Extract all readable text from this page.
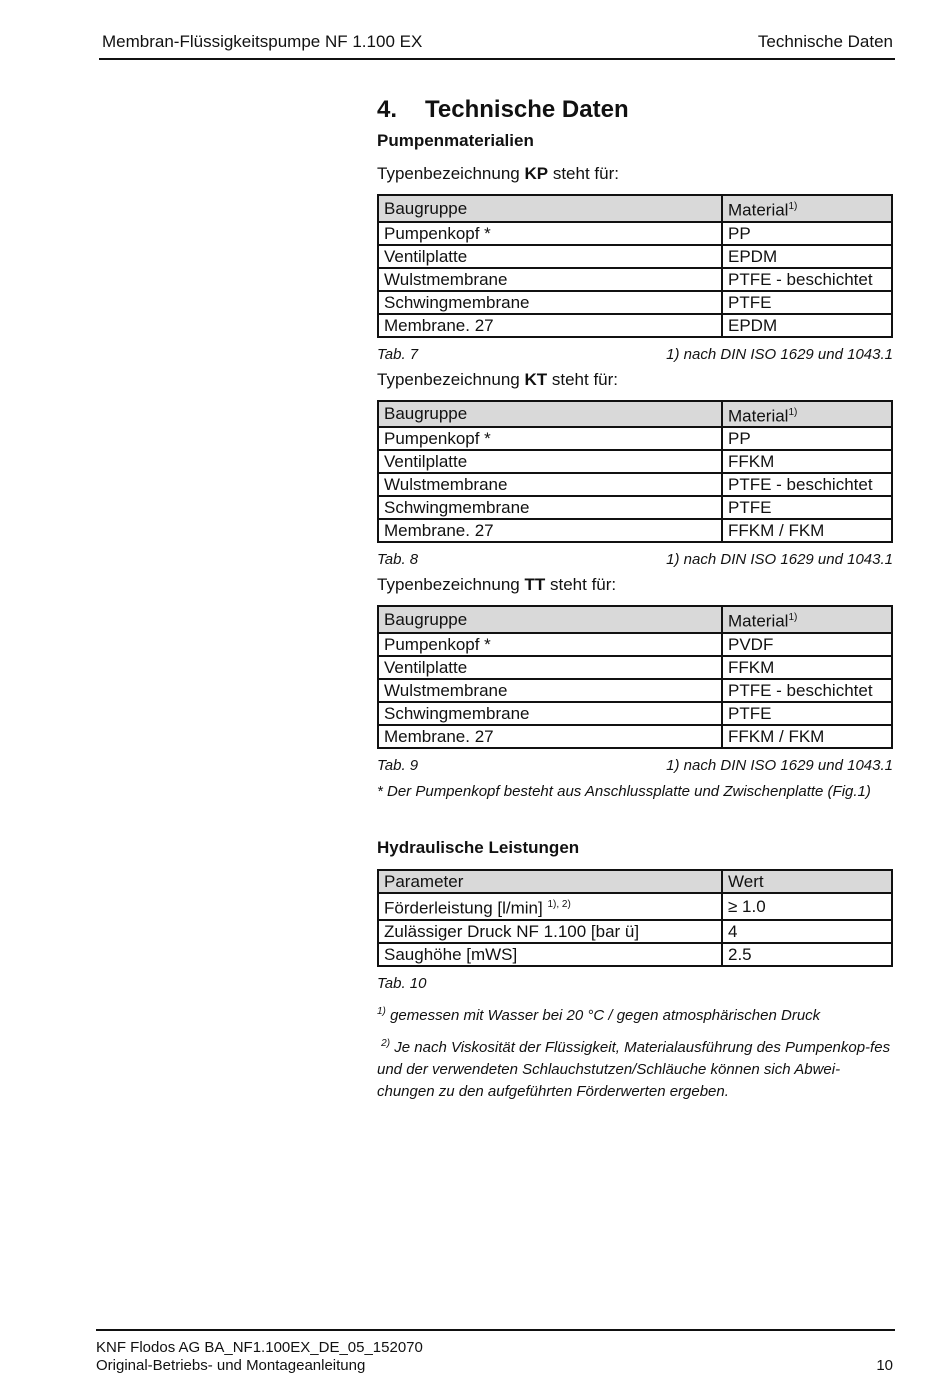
Membran-Flüssigkeitspumpe NF 1.100 EX	Technische Daten
4. Technische Daten
Pumpenmaterialien
Typenbezeichnung KP steht für:
Baugruppe	Material$^{1)}$
Pumpenkopf *	PP
Ventilplatte	EPDM
Wulstmembrane	PTFE - beschichtet
Schwingmembrane	PTFE
Membrane. 27	EPDM
Tab. 7	1) nach DIN ISO 1629 und 1043.1
Typenbezeichnung KT steht für:
Baugruppe	Material$^{1)}$
Pumpenkopf *	PP
Ventilplatte	FFKM
Wulstmembrane	PTFE - beschichtet
Schwingmembrane	PTFE
Membrane. 27	FFKM / FKM
Tab. 8	1) nach DIN ISO 1629 und 1043.1
Typenbezeichnung TT steht für:
Baugruppe	Material$^{1)}$
Pumpenkopf *	PVDF
Ventilplatte	FFKM
Wulstmembrane	PTFE - beschichtet
Schwingmembrane	PTFE
Membrane. 27	FFKM / FKM
Tab. 9	1) nach DIN ISO 1629 und 1043.1
* Der Pumpenkopf besteht aus Anschlussplatte und Zwischenplatte (Fig.1)
Hydraulische Leistungen
Parameter	Wert
Förderleistung [l/min] $^{1), 2)}$	≥ 1.0
Zulässiger Druck NF 1.100 [bar ü]	4
Saughöhe [mWS]	2.5
Tab. 10
$^{1)}$ gemessen mit Wasser bei 20 °C / gegen atmosphärischen Druck
$^{2)}$ Je nach Viskosität der Flüssigkeit, Materialausführung des Pumpenkop-fes und der verwendeten Schlauchstutzen/Schläuche können sich Abwei-chungen zu den aufgeführten Förderwerten ergeben.
KNF Flodos AG BA_NF1.100EX_DE_05_152070
Original-Betriebs- und Montageanleitung	10
